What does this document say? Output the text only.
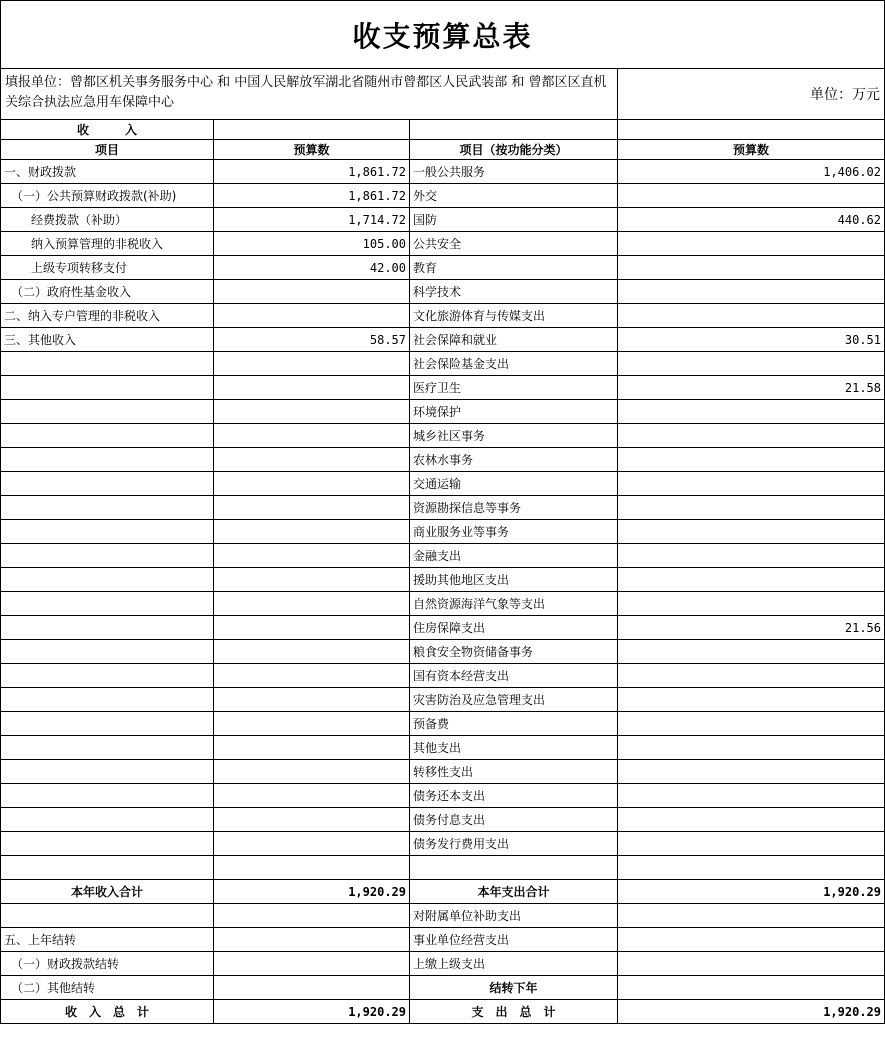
收支预算总表
填报单位：曾都区机关事务服务中心 和 中国人民解放军湖北省随州市曾都区人民武装部 和 曾都区区直机关综合执法应急用车保障中心	单位：万元
收　　　入			
项目	预算数	项目（按功能分类）	预算数
一、财政拨款	1,861.72	一般公共服务	1,406.02
（一）公共预算财政拨款(补助)	1,861.72	外交	
经费拨款（补助）	1,714.72	国防	440.62
纳入预算管理的非税收入	105.00	公共安全	
上级专项转移支付	42.00	教育	
（二）政府性基金收入		科学技术	
二、纳入专户管理的非税收入		文化旅游体育与传媒支出	
三、其他收入	58.57	社会保障和就业	30.51
		社会保险基金支出	
		医疗卫生	21.58
		环境保护	
		城乡社区事务	
		农林水事务	
		交通运输	
		资源勘探信息等事务	
		商业服务业等事务	
		金融支出	
		援助其他地区支出	
		自然资源海洋气象等支出	
		住房保障支出	21.56
		粮食安全物资储备事务	
		国有资本经营支出	
		灾害防治及应急管理支出	
		预备费	
		其他支出	
		转移性支出	
		债务还本支出	
		债务付息支出	
		债务发行费用支出	

本年收入合计	1,920.29	本年支出合计	1,920.29
		对附属单位补助支出	
五、上年结转		事业单位经营支出	
（一）财政拨款结转		上缴上级支出	
（二）其他结转		结转下年	
收　入　总　计	1,920.29	支　出　总　计	1,920.29
